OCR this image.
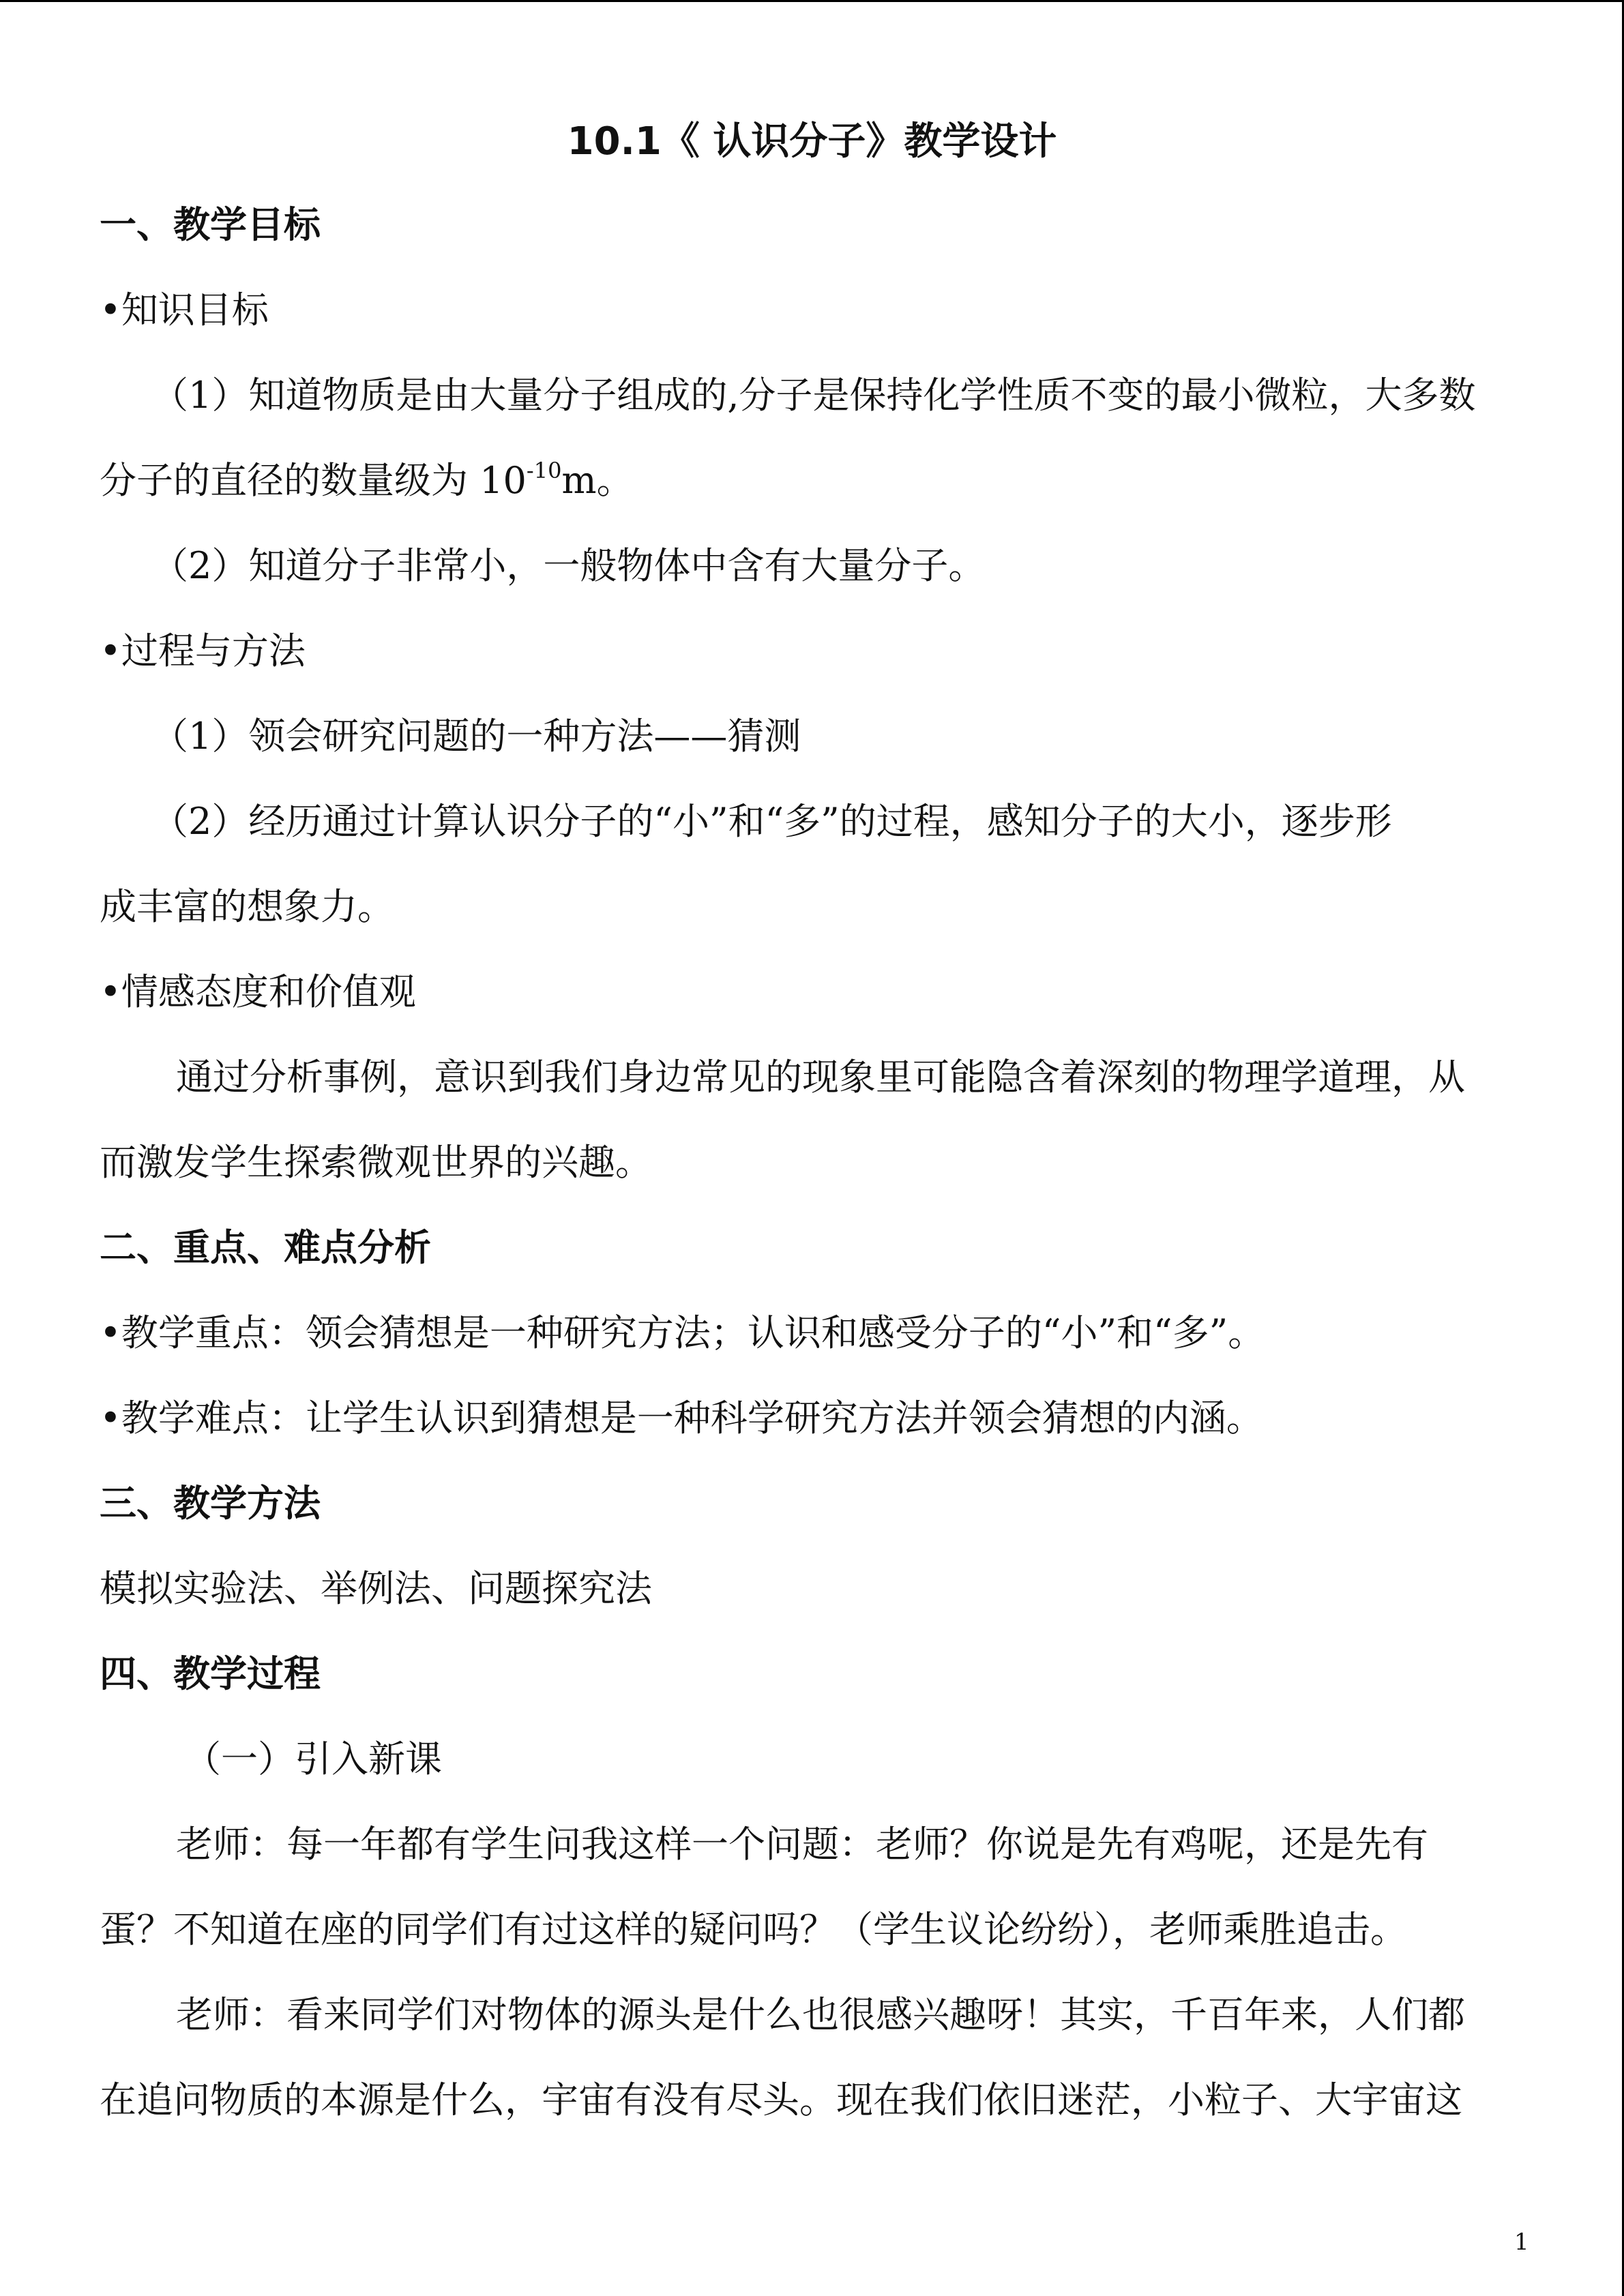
10.1《 认识分子》教学设计
一、教学目标
•知识目标
（1）知道物质是由大量分子组成的,分子是保持化学性质不变的最小微粒，大多数
分子的直径的数量级为 $10^{-10}m$。
（2）知道分子非常小，一般物体中含有大量分子。
•过程与方法
（1）领会研究问题的一种方法——猜测
（2）经历通过计算认识分子的“小”和“多”的过程，感知分子的大小，逐步形
成丰富的想象力。
•情感态度和价值观
通过分析事例，意识到我们身边常见的现象里可能隐含着深刻的物理学道理，从
而激发学生探索微观世界的兴趣。
二、重点、难点分析
•教学重点：领会猜想是一种研究方法；认识和感受分子的“小”和“多”。
•教学难点：让学生认识到猜想是一种科学研究方法并领会猜想的内涵。
三、教学方法
模拟实验法、举例法、问题探究法
四、教学过程
（一）引入新课
老师：每一年都有学生问我这样一个问题：老师？你说是先有鸡呢，还是先有
蛋？不知道在座的同学们有过这样的疑问吗？（学生议论纷纷），老师乘胜追击。
老师：看来同学们对物体的源头是什么也很感兴趣呀！其实，千百年来，人们都
在追问物质的本源是什么，宇宙有没有尽头。现在我们依旧迷茫，小粒子、大宇宙这
1
